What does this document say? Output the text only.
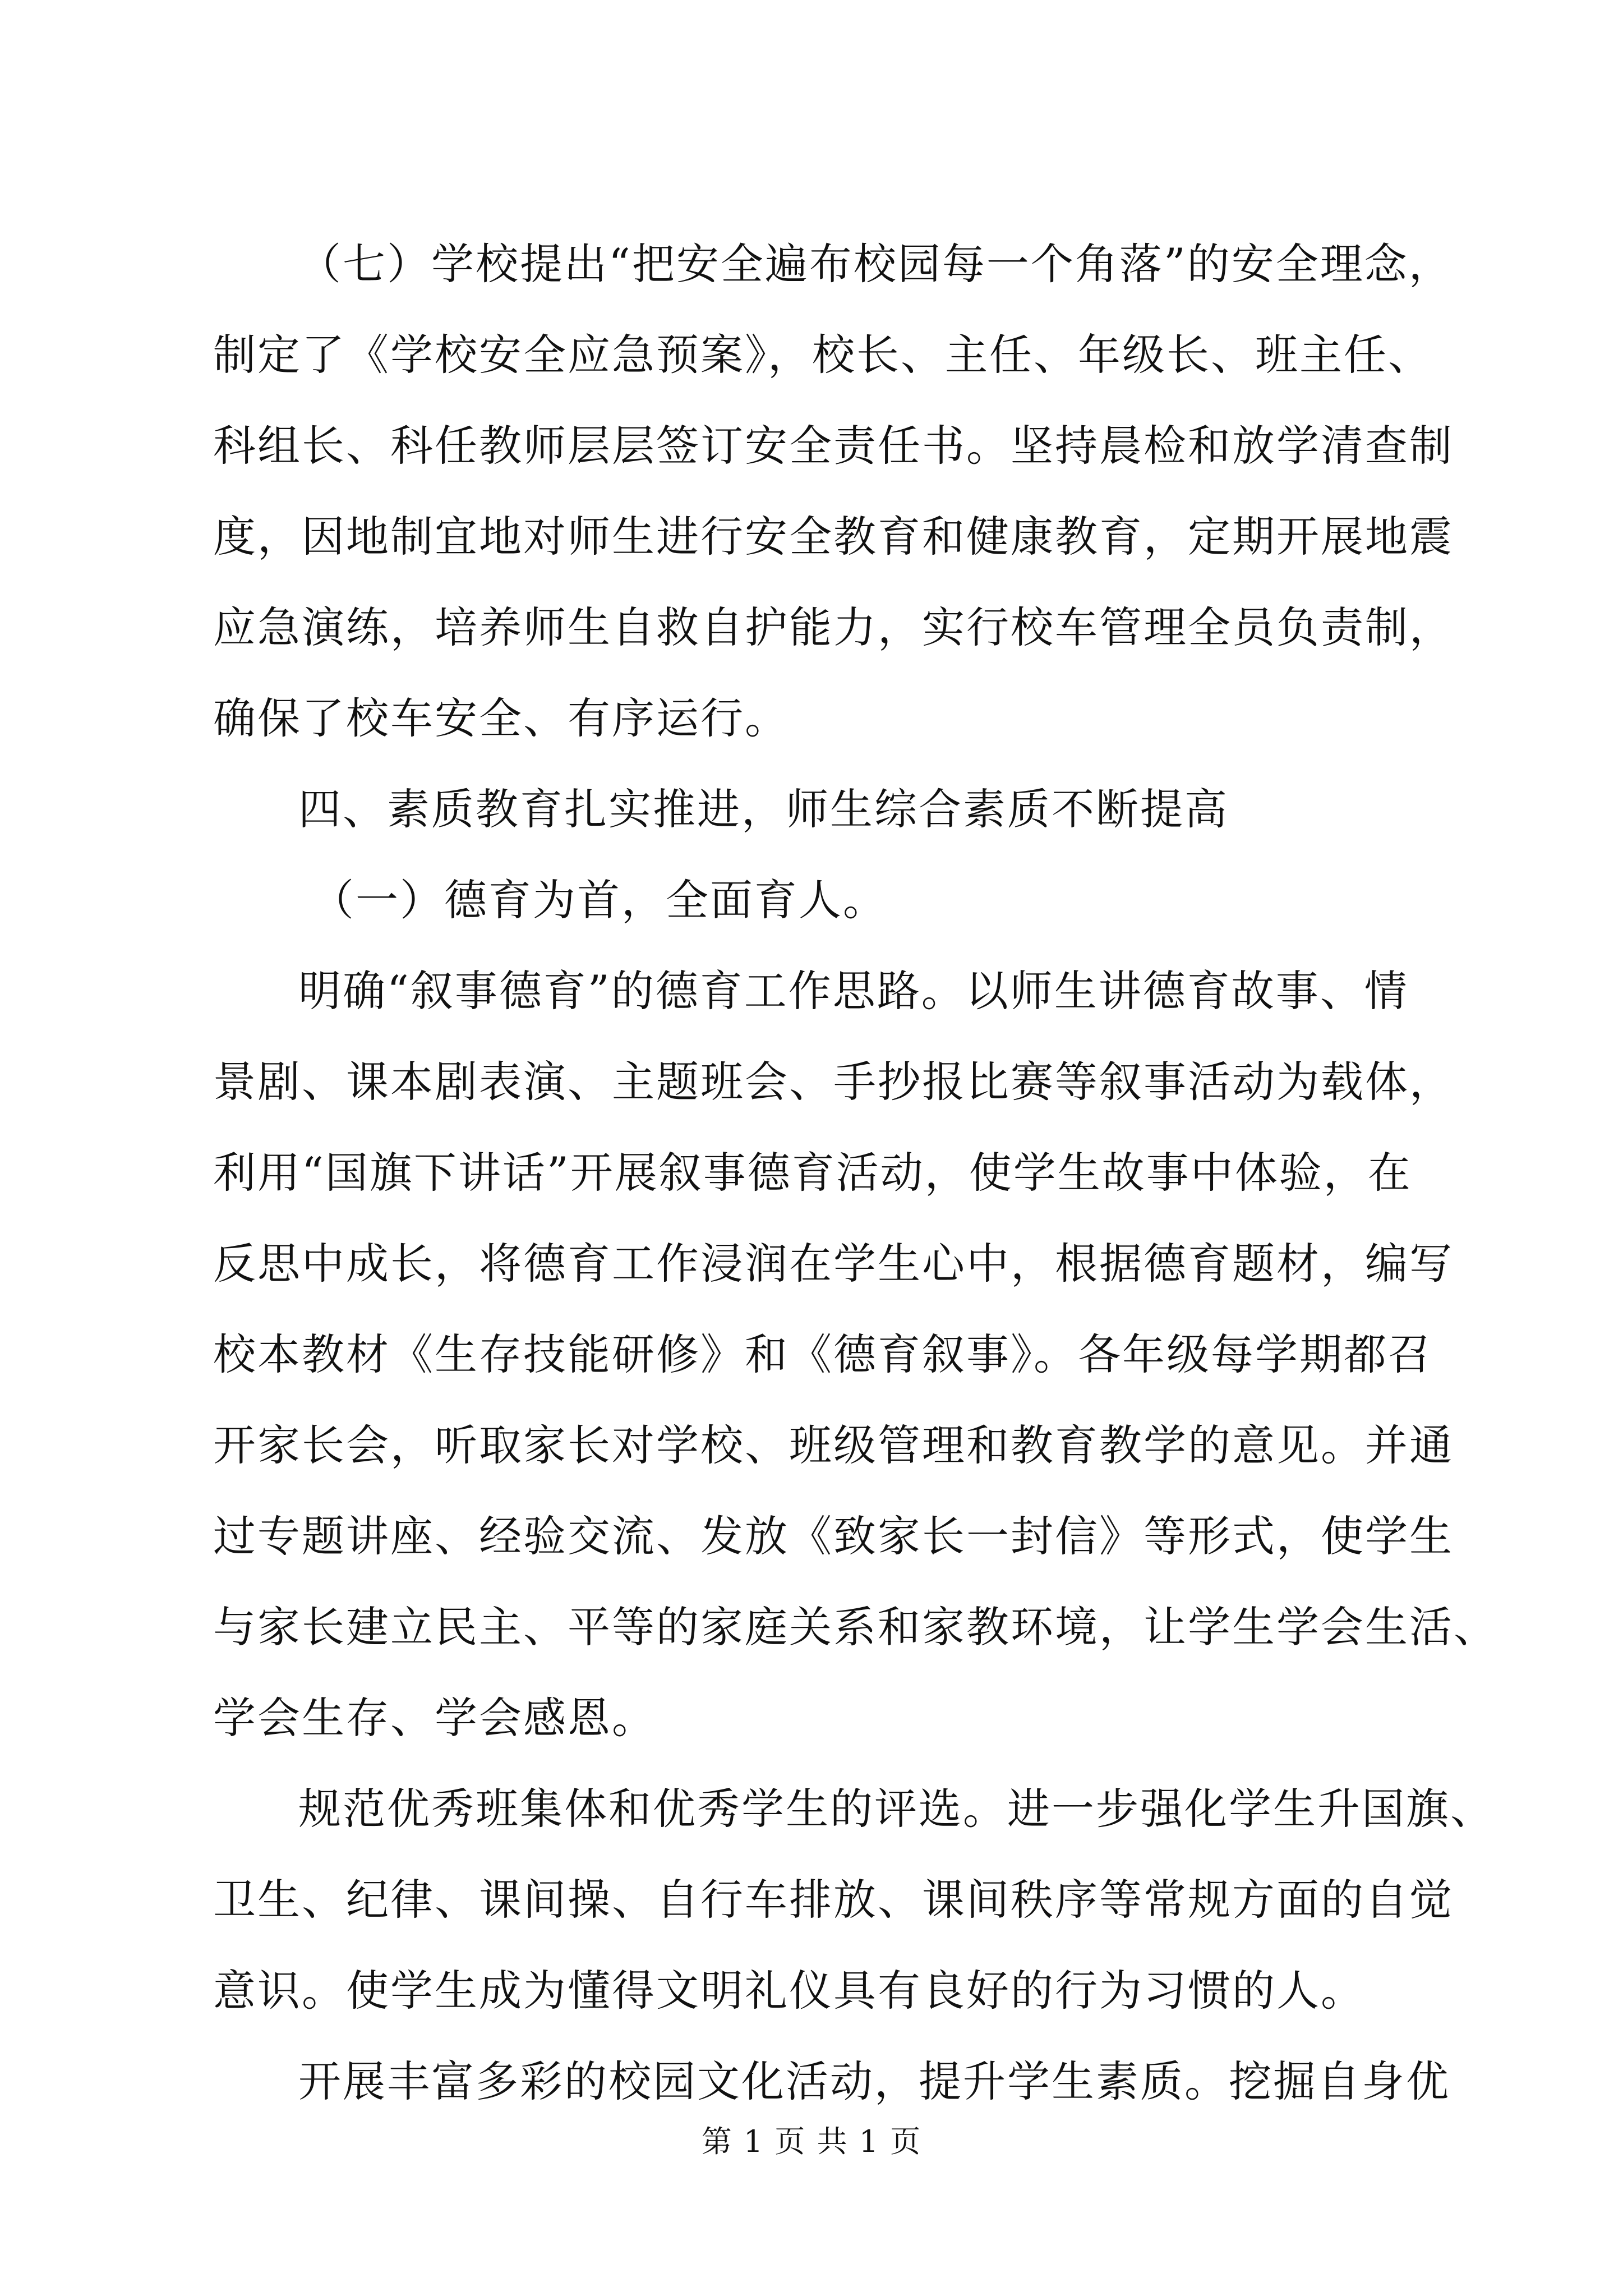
（七）学校提出“把安全遍布校园每一个角落”的安全理念，
制定了《学校安全应急预案》，校长、主任、年级长、班主任、
科组长、科任教师层层签订安全责任书。坚持晨检和放学清查制
度，因地制宜地对师生进行安全教育和健康教育，定期开展地震
应急演练，培养师生自救自护能力，实行校车管理全员负责制，
确保了校车安全、有序运行。
四、素质教育扎实推进，师生综合素质不断提高
（一）德育为首，全面育人。
明确“叙事德育”的德育工作思路。以师生讲德育故事、情
景剧、课本剧表演、主题班会、手抄报比赛等叙事活动为载体，
利用“国旗下讲话”开展叙事德育活动，使学生故事中体验，在
反思中成长，将德育工作浸润在学生心中，根据德育题材，编写
校本教材《生存技能研修》和《德育叙事》。各年级每学期都召
开家长会，听取家长对学校、班级管理和教育教学的意见。并通
过专题讲座、经验交流、发放《致家长一封信》等形式，使学生
与家长建立民主、平等的家庭关系和家教环境，让学生学会生活、
学会生存、学会感恩。
规范优秀班集体和优秀学生的评选。进一步强化学生升国旗、
卫生、纪律、课间操、自行车排放、课间秩序等常规方面的自觉
意识。使学生成为懂得文明礼仪具有良好的行为习惯的人。
开展丰富多彩的校园文化活动，提升学生素质。挖掘自身优
第 1 页 共 1 页
